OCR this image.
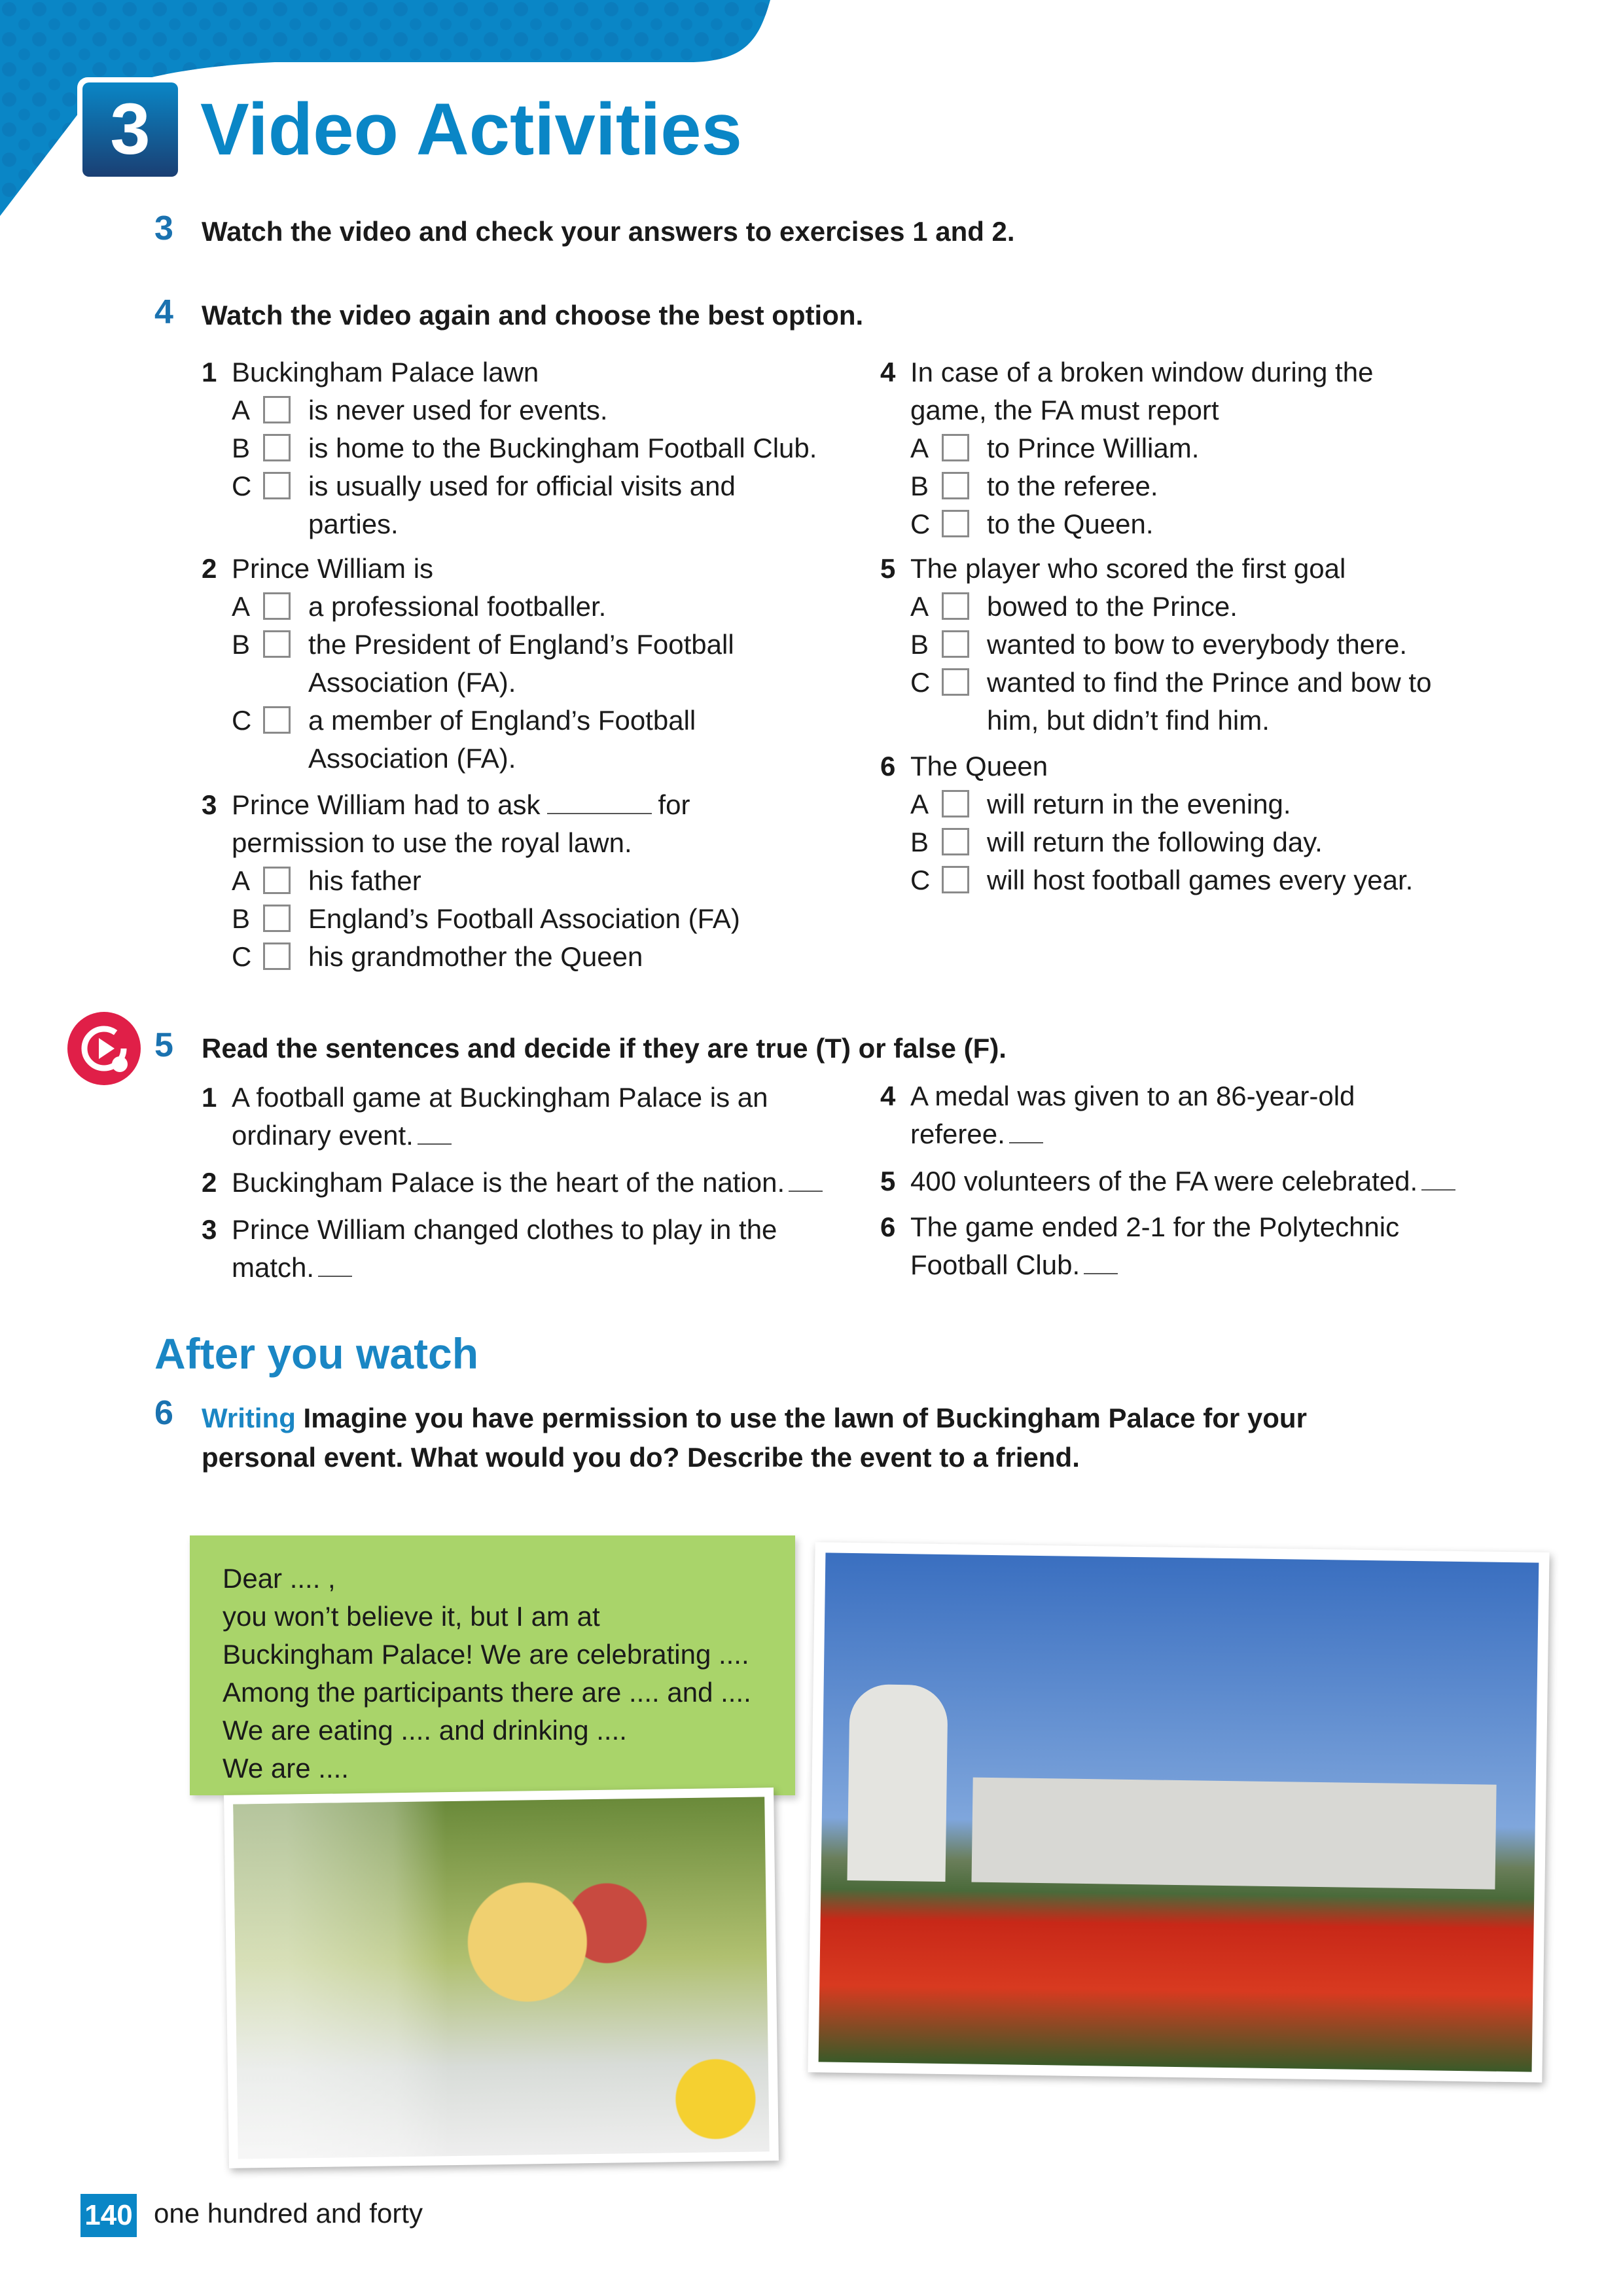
3 Video Activities
3 Watch the video and check your answers to exercises 1 and 2.
4 Watch the video again and choose the best option.
1 Buckingham Palace lawn
A is never used for events.
B is home to the Buckingham Football Club.
C is usually used for official visits and
parties.
2 Prince William is
A a professional footballer.
B the President of England’s Football
Association (FA).
C a member of England’s Football
Association (FA).
3 Prince William had to ask	for
permission to use the royal lawn.
A his father
B England’s Football Association (FA)
C his grandmother the Queen
4 In case of a broken window during the
game, the FA must report
A to Prince William.
B to the referee.
C to the Queen.
5 The player who scored the first goal
A bowed to the Prince.
B wanted to bow to everybody there.
C wanted to find the Prince and bow to
him, but didn’t find him.
6 The Queen
A will return in the evening.
B will return the following day.
C will host football games every year.
5 Read the sentences and decide if they are true (T) or false (F).
1 A football game at Buckingham Palace is an
ordinary event.
2 Buckingham Palace is the heart of the nation.
3 Prince William changed clothes to play in the
match.
4 A medal was given to an 86-year-old
referee.
5 400 volunteers of the FA were celebrated.
6 The game ended 2-1 for the Polytechnic
Football Club.
After you watch
6 Writing Imagine you have permission to use the lawn of Buckingham Palace for your
personal event. What would you do? Describe the event to a friend.
Dear .... ,
you won’t believe it, but I am at
Buckingham Palace! We are celebrating ....
Among the participants there are .... and ....
We are eating .... and drinking ....
We are ....
140 one hundred and forty
